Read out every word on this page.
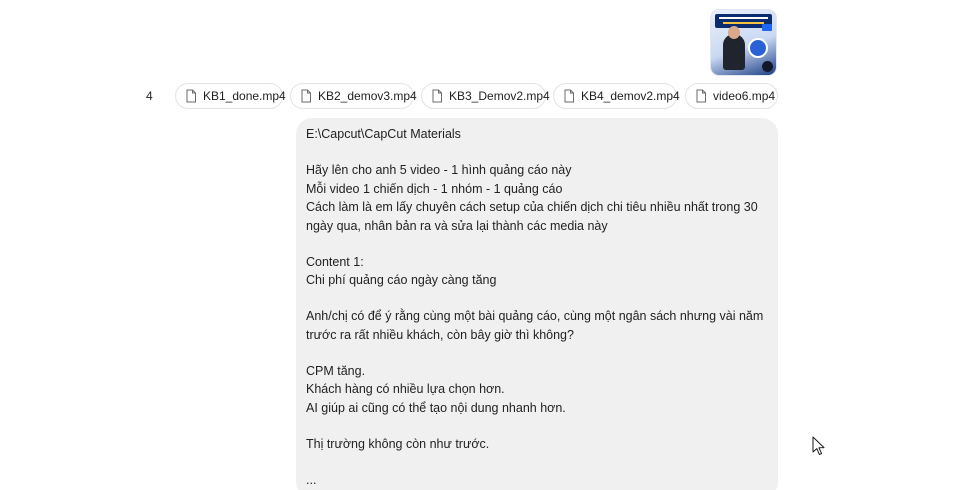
4	KB1_done.mp4	KB2_demov3.mp4	KB3_Demov2.mp4	KB4_demov2.mp4	video6.mp4

E:\Capcut\CapCut Materials

Hãy lên cho anh 5 video - 1 hình quảng cáo này

Mỗi video 1 chiến dịch - 1 nhóm - 1 quảng cáo

Cách làm là em lấy chuyên cách setup của chiến dịch chi tiêu nhiều nhất trong 30 ngày qua, nhân bản ra và sửa lại thành các media này

Content 1:

Chi phí quảng cáo ngày càng tăng

Anh/chị có để ý rằng cùng một bài quảng cáo, cùng một ngân sách nhưng vài năm trước ra rất nhiều khách, còn bây giờ thì không?

CPM tăng.

Khách hàng có nhiều lựa chọn hơn.

AI giúp ai cũng có thể tạo nội dung nhanh hơn.

Thị trường không còn như trước.

...
